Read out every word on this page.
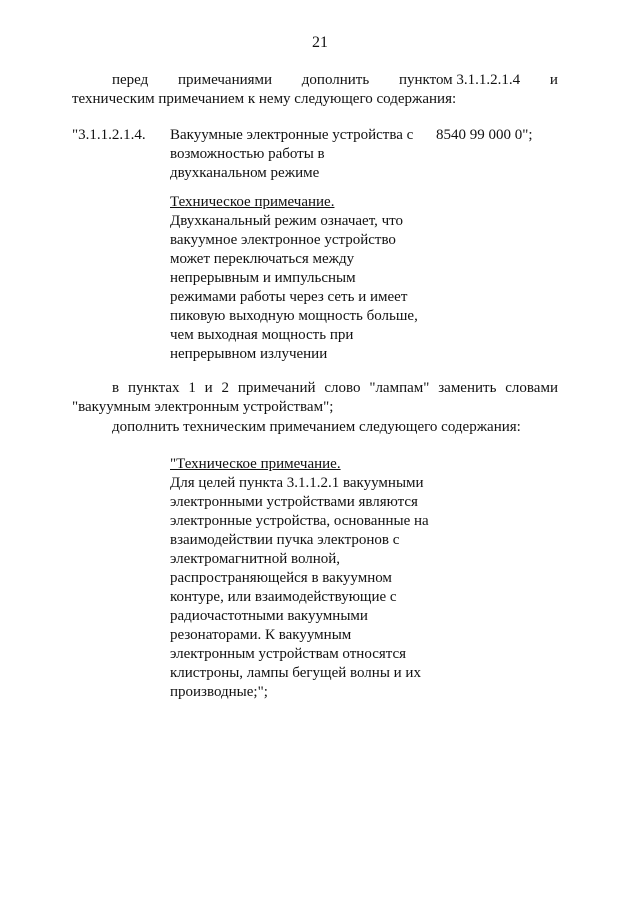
21
перед примечаниями дополнить пунктом 3.1.1.2.1.4 и
техническим примечанием к нему следующего содержания:
"3.1.1.2.1.4. Вакуумные электронные устройства с
возможностью работы в
двухканальном режиме
8540 99 000 0";
Техническое примечание.
Двухканальный режим означает, что
вакуумное электронное устройство
может переключаться между
непрерывным и импульсным
режимами работы через сеть и имеет
пиковую выходную мощность больше,
чем выходная мощность при
непрерывном излучении
в пунктах 1 и 2 примечаний слово "лампам" заменить словами
"вакуумным электронным устройствам";
дополнить техническим примечанием следующего содержания:
"Техническое примечание.
Для целей пункта 3.1.1.2.1 вакуумными
электронными устройствами являются
электронные устройства, основанные на
взаимодействии пучка электронов с
электромагнитной волной,
распространяющейся в вакуумном
контуре, или взаимодействующие с
радиочастотными вакуумными
резонаторами. К вакуумным
электронным устройствам относятся
клистроны, лампы бегущей волны и их
производные;";
